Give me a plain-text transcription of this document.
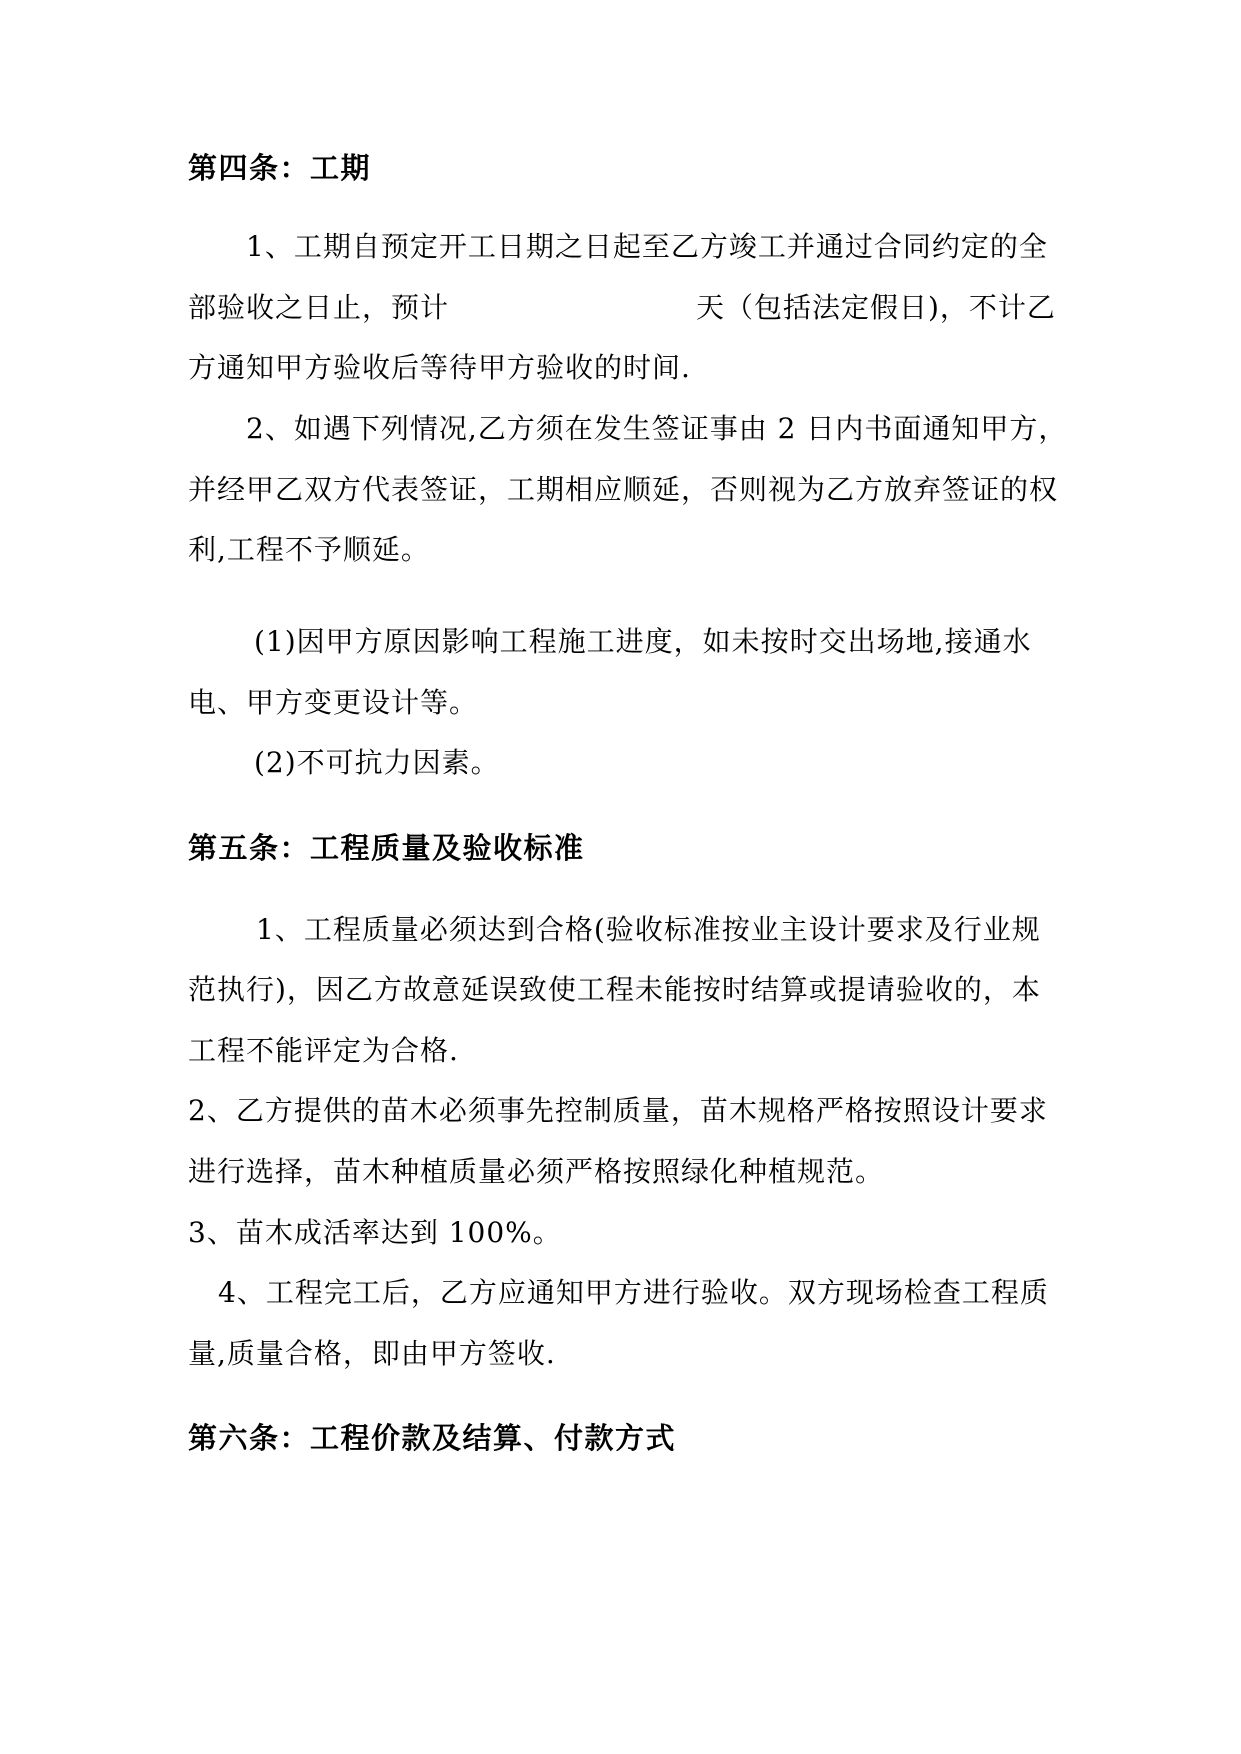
第四条：工期
1、工期自预定开工日期之日起至乙方竣工并通过合同约定的全
部验收之日止，预计	天（包括法定假日)，不计乙
方通知甲方验收后等待甲方验收的时间.
2、如遇下列情况,乙方须在发生签证事由 2 日内书面通知甲方，
并经甲乙双方代表签证，工期相应顺延，否则视为乙方放弃签证的权
利,工程不予顺延。
(1)因甲方原因影响工程施工进度，如未按时交出场地,接通水
电、甲方变更设计等。
(2)不可抗力因素。
第五条：工程质量及验收标准
1、工程质量必须达到合格(验收标准按业主设计要求及行业规
范执行)，因乙方故意延误致使工程未能按时结算或提请验收的，本
工程不能评定为合格.
2、乙方提供的苗木必须事先控制质量，苗木规格严格按照设计要求
进行选择，苗木种植质量必须严格按照绿化种植规范。
3、苗木成活率达到 100%。
4、工程完工后，乙方应通知甲方进行验收。双方现场检查工程质
量,质量合格，即由甲方签收.
第六条：工程价款及结算、付款方式
